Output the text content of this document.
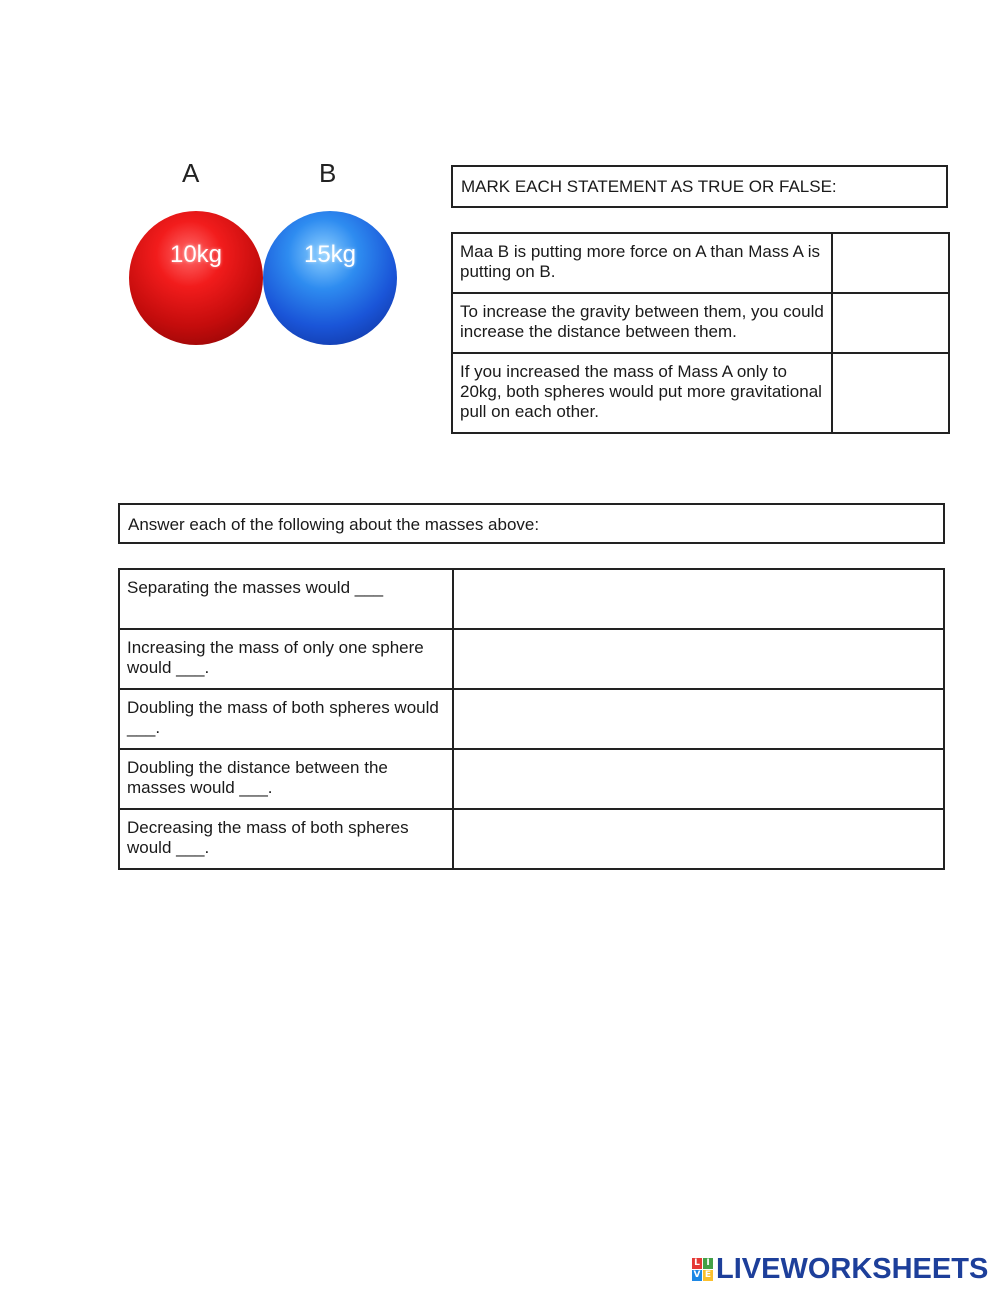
A	B
10kg	15kg
MARK EACH STATEMENT AS TRUE OR FALSE:
Maa B is putting more force on A than Mass A is putting on B.	
To increase the gravity between them, you could increase the distance between them.	
If you increased the mass of Mass A only to 20kg, both spheres would put more gravitational pull on each other.	
Answer each of the following about the masses above:
Separating the masses would ___	
Increasing the mass of only one sphere would ___.	
Doubling the mass of both spheres would ___.	
Doubling the distance between the masses would ___.	
Decreasing the mass of both spheres would ___.	
L I
V E LIVEWORKSHEETS
